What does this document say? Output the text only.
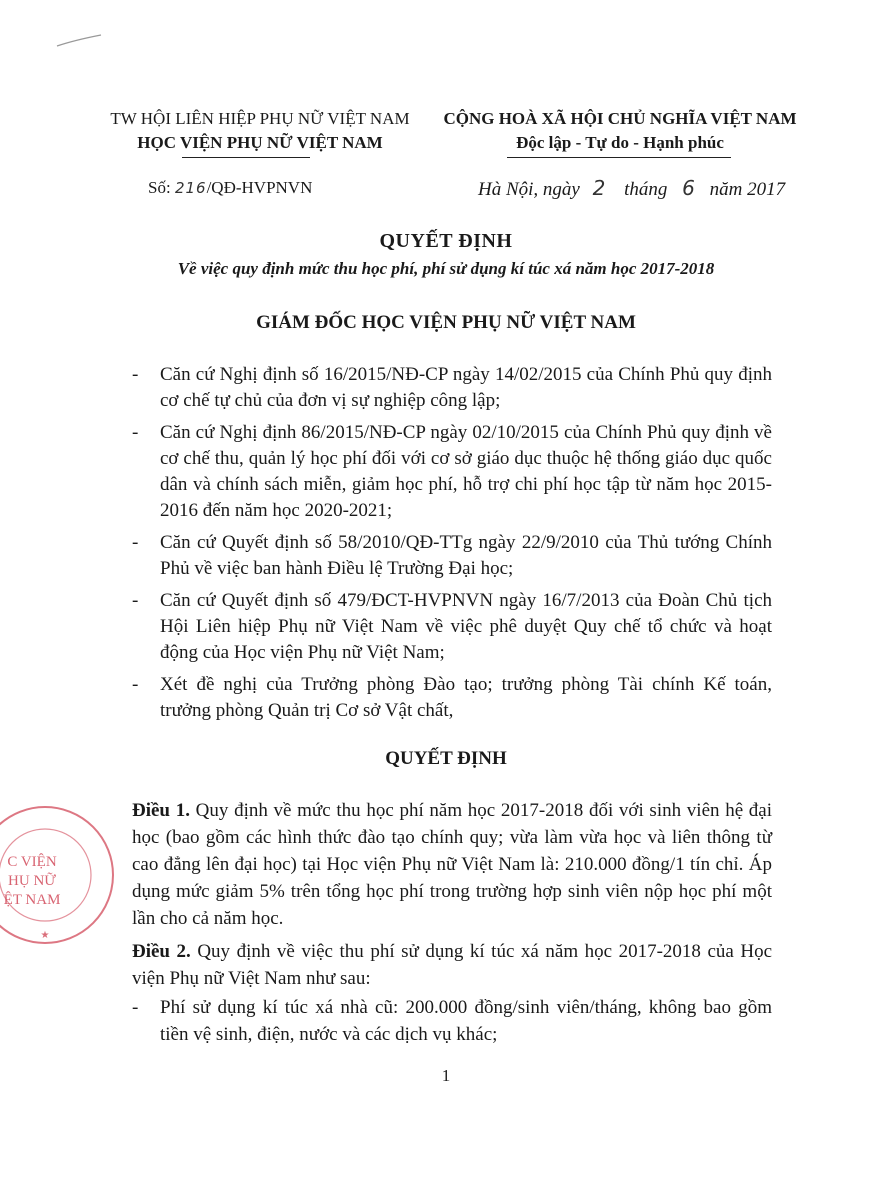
TW HỘI LIÊN HIỆP PHỤ NỮ VIỆT NAM
HỌC VIỆN PHỤ NỮ VIỆT NAM
CỘNG HOÀ XÃ HỘI CHỦ NGHĨA VIỆT NAM
Độc lập - Tự do - Hạnh phúc
Số: 216/QĐ-HVPNVN	Hà Nội, ngày 2 tháng 6 năm 2017
QUYẾT ĐỊNH
Về việc quy định mức thu học phí, phí sử dụng kí túc xá năm học 2017-2018
GIÁM ĐỐC HỌC VIỆN PHỤ NỮ VIỆT NAM
- Căn cứ Nghị định số 16/2015/NĐ-CP ngày 14/02/2015 của Chính Phủ quy định cơ chế tự chủ của đơn vị sự nghiệp công lập;
- Căn cứ Nghị định 86/2015/NĐ-CP ngày 02/10/2015 của Chính Phủ quy định về cơ chế thu, quản lý học phí đối với cơ sở giáo dục thuộc hệ thống giáo dục quốc dân và chính sách miễn, giảm học phí, hỗ trợ chi phí học tập từ năm học 2015-2016 đến năm học 2020-2021;
- Căn cứ Quyết định số 58/2010/QĐ-TTg ngày 22/9/2010 của Thủ tướng Chính Phủ về việc ban hành Điều lệ Trường Đại học;
- Căn cứ Quyết định số 479/ĐCT-HVPNVN ngày 16/7/2013 của Đoàn Chủ tịch Hội Liên hiệp Phụ nữ Việt Nam về việc phê duyệt Quy chế tổ chức và hoạt động của Học viện Phụ nữ Việt Nam;
- Xét đề nghị của Trưởng phòng Đào tạo; trưởng phòng Tài chính Kế toán, trưởng phòng Quản trị Cơ sở Vật chất,
QUYẾT ĐỊNH
Điều 1. Quy định về mức thu học phí năm học 2017-2018 đối với sinh viên hệ đại học (bao gồm các hình thức đào tạo chính quy; vừa làm vừa học và liên thông từ cao đẳng lên đại học) tại Học viện Phụ nữ Việt Nam là: 210.000 đồng/1 tín chỉ. Áp dụng mức giảm 5% trên tổng học phí trong trường hợp sinh viên nộp học phí một lần cho cả năm học.
Điều 2. Quy định về việc thu phí sử dụng kí túc xá năm học 2017-2018 của Học viện Phụ nữ Việt Nam như sau:
- Phí sử dụng kí túc xá nhà cũ: 200.000 đồng/sinh viên/tháng, không bao gồm tiền vệ sinh, điện, nước và các dịch vụ khác;
C VIỆN
HỤ NỮ
ỆT NAM
★
1
